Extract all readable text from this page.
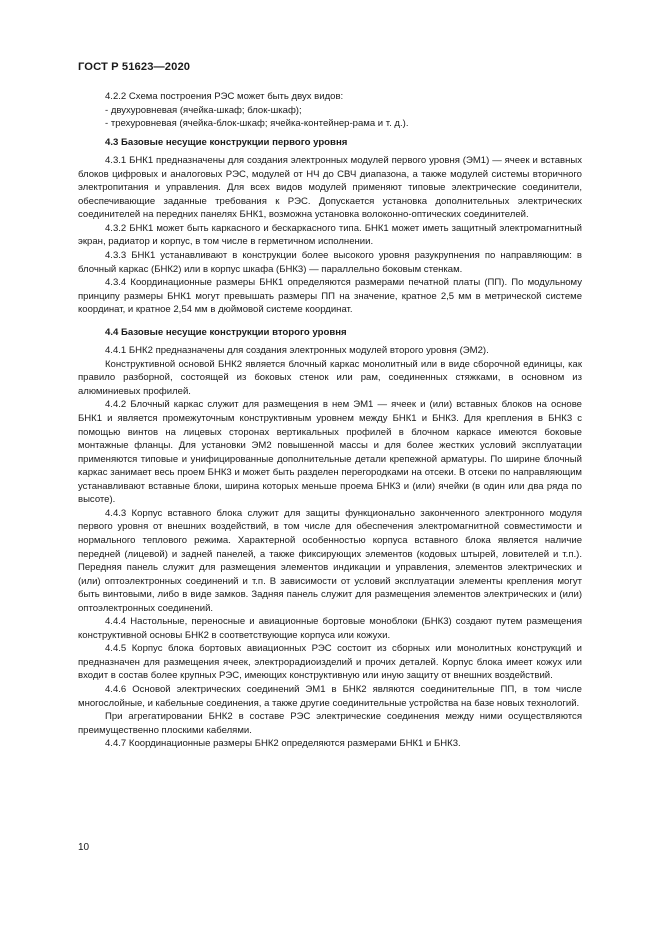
ГОСТ Р 51623—2020

4.2.2 Схема построения РЭС может быть двух видов:

- двухуровневая (ячейка-шкаф; блок-шкаф);

- трехуровневая (ячейка-блок-шкаф; ячейка-контейнер-рама и т. д.).

4.3 Базовые несущие конструкции первого уровня

4.3.1 БНК1 предназначены для создания электронных модулей первого уровня (ЭМ1) — ячеек и вставных блоков цифровых и аналоговых РЭС, модулей от НЧ до СВЧ диапазона, а также модулей системы вторичного электропитания и управления. Для всех видов модулей применяют типовые электрические соединители, обеспечивающие заданные требования к РЭС. Допускается установка дополнительных электрических соединителей на передних панелях БНК1, возможна установка волоконно-оптических соединителей.

4.3.2 БНК1 может быть каркасного и бескаркасного типа. БНК1 может иметь защитный электромагнитный экран, радиатор и корпус, в том числе в герметичном исполнении.

4.3.3 БНК1 устанавливают в конструкции более высокого уровня разукрупнения по направляющим: в блочный каркас (БНК2) или в корпус шкафа (БНК3) — параллельно боковым стенкам.

4.3.4 Координационные размеры БНК1 определяются размерами печатной платы (ПП). По модульному принципу размеры БНК1 могут превышать размеры ПП на значение, кратное 2,5 мм в метрической системе координат, и кратное 2,54 мм в дюймовой системе координат.

4.4 Базовые несущие конструкции второго уровня

4.4.1 БНК2 предназначены для создания электронных модулей второго уровня (ЭМ2).

Конструктивной основой БНК2 является блочный каркас монолитный или в виде сборочной единицы, как правило разборной, состоящей из боковых стенок или рам, соединенных стяжками, в основном из алюминиевых профилей.

4.4.2 Блочный каркас служит для размещения в нем ЭМ1 — ячеек и (или) вставных блоков на основе БНК1 и является промежуточным конструктивным уровнем между БНК1 и БНК3. Для крепления в БНК3 с помощью винтов на лицевых сторонах вертикальных профилей в блочном каркасе имеются боковые монтажные фланцы. Для установки ЭМ2 повышенной массы и для более жестких условий эксплуатации применяются типовые и унифицированные дополнительные детали крепежной арматуры. По ширине блочный каркас занимает весь проем БНК3 и может быть разделен перегородками на отсеки. В отсеки по направляющим устанавливают вставные блоки, ширина которых меньше проема БНК3 и (или) ячейки (в один или два ряда по высоте).

4.4.3 Корпус вставного блока служит для защиты функционально законченного электронного модуля первого уровня от внешних воздействий, в том числе для обеспечения электромагнитной совместимости и нормального теплового режима. Характерной особенностью корпуса вставного блока является наличие передней (лицевой) и задней панелей, а также фиксирующих элементов (кодовых штырей, ловителей и т.п.). Передняя панель служит для размещения элементов индикации и управления, элементов электрических и (или) оптоэлектронных соединений и т.п. В зависимости от условий эксплуатации элементы крепления могут быть винтовыми, либо в виде замков. Задняя панель служит для размещения элементов электрических и (или) оптоэлектронных соединений.

4.4.4 Настольные, переносные и авиационные бортовые моноблоки (БНК3) создают путем размещения конструктивной основы БНК2 в соответствующие корпуса или кожухи.

4.4.5 Корпус блока бортовых авиационных РЭС состоит из сборных или монолитных конструкций и предназначен для размещения ячеек, электрорадиоизделий и прочих деталей. Корпус блока имеет кожух или входит в состав более крупных РЭС, имеющих конструктивную или иную защиту от внешних воздействий.

4.4.6 Основой электрических соединений ЭМ1 в БНК2 являются соединительные ПП, в том числе многослойные, и кабельные соединения, а также другие соединительные устройства на базе новых технологий.

При агрегатировании БНК2 в составе РЭС электрические соединения между ними осуществляются преимущественно плоскими кабелями.

4.4.7 Координационные размеры БНК2 определяются размерами БНК1 и БНК3.

10
